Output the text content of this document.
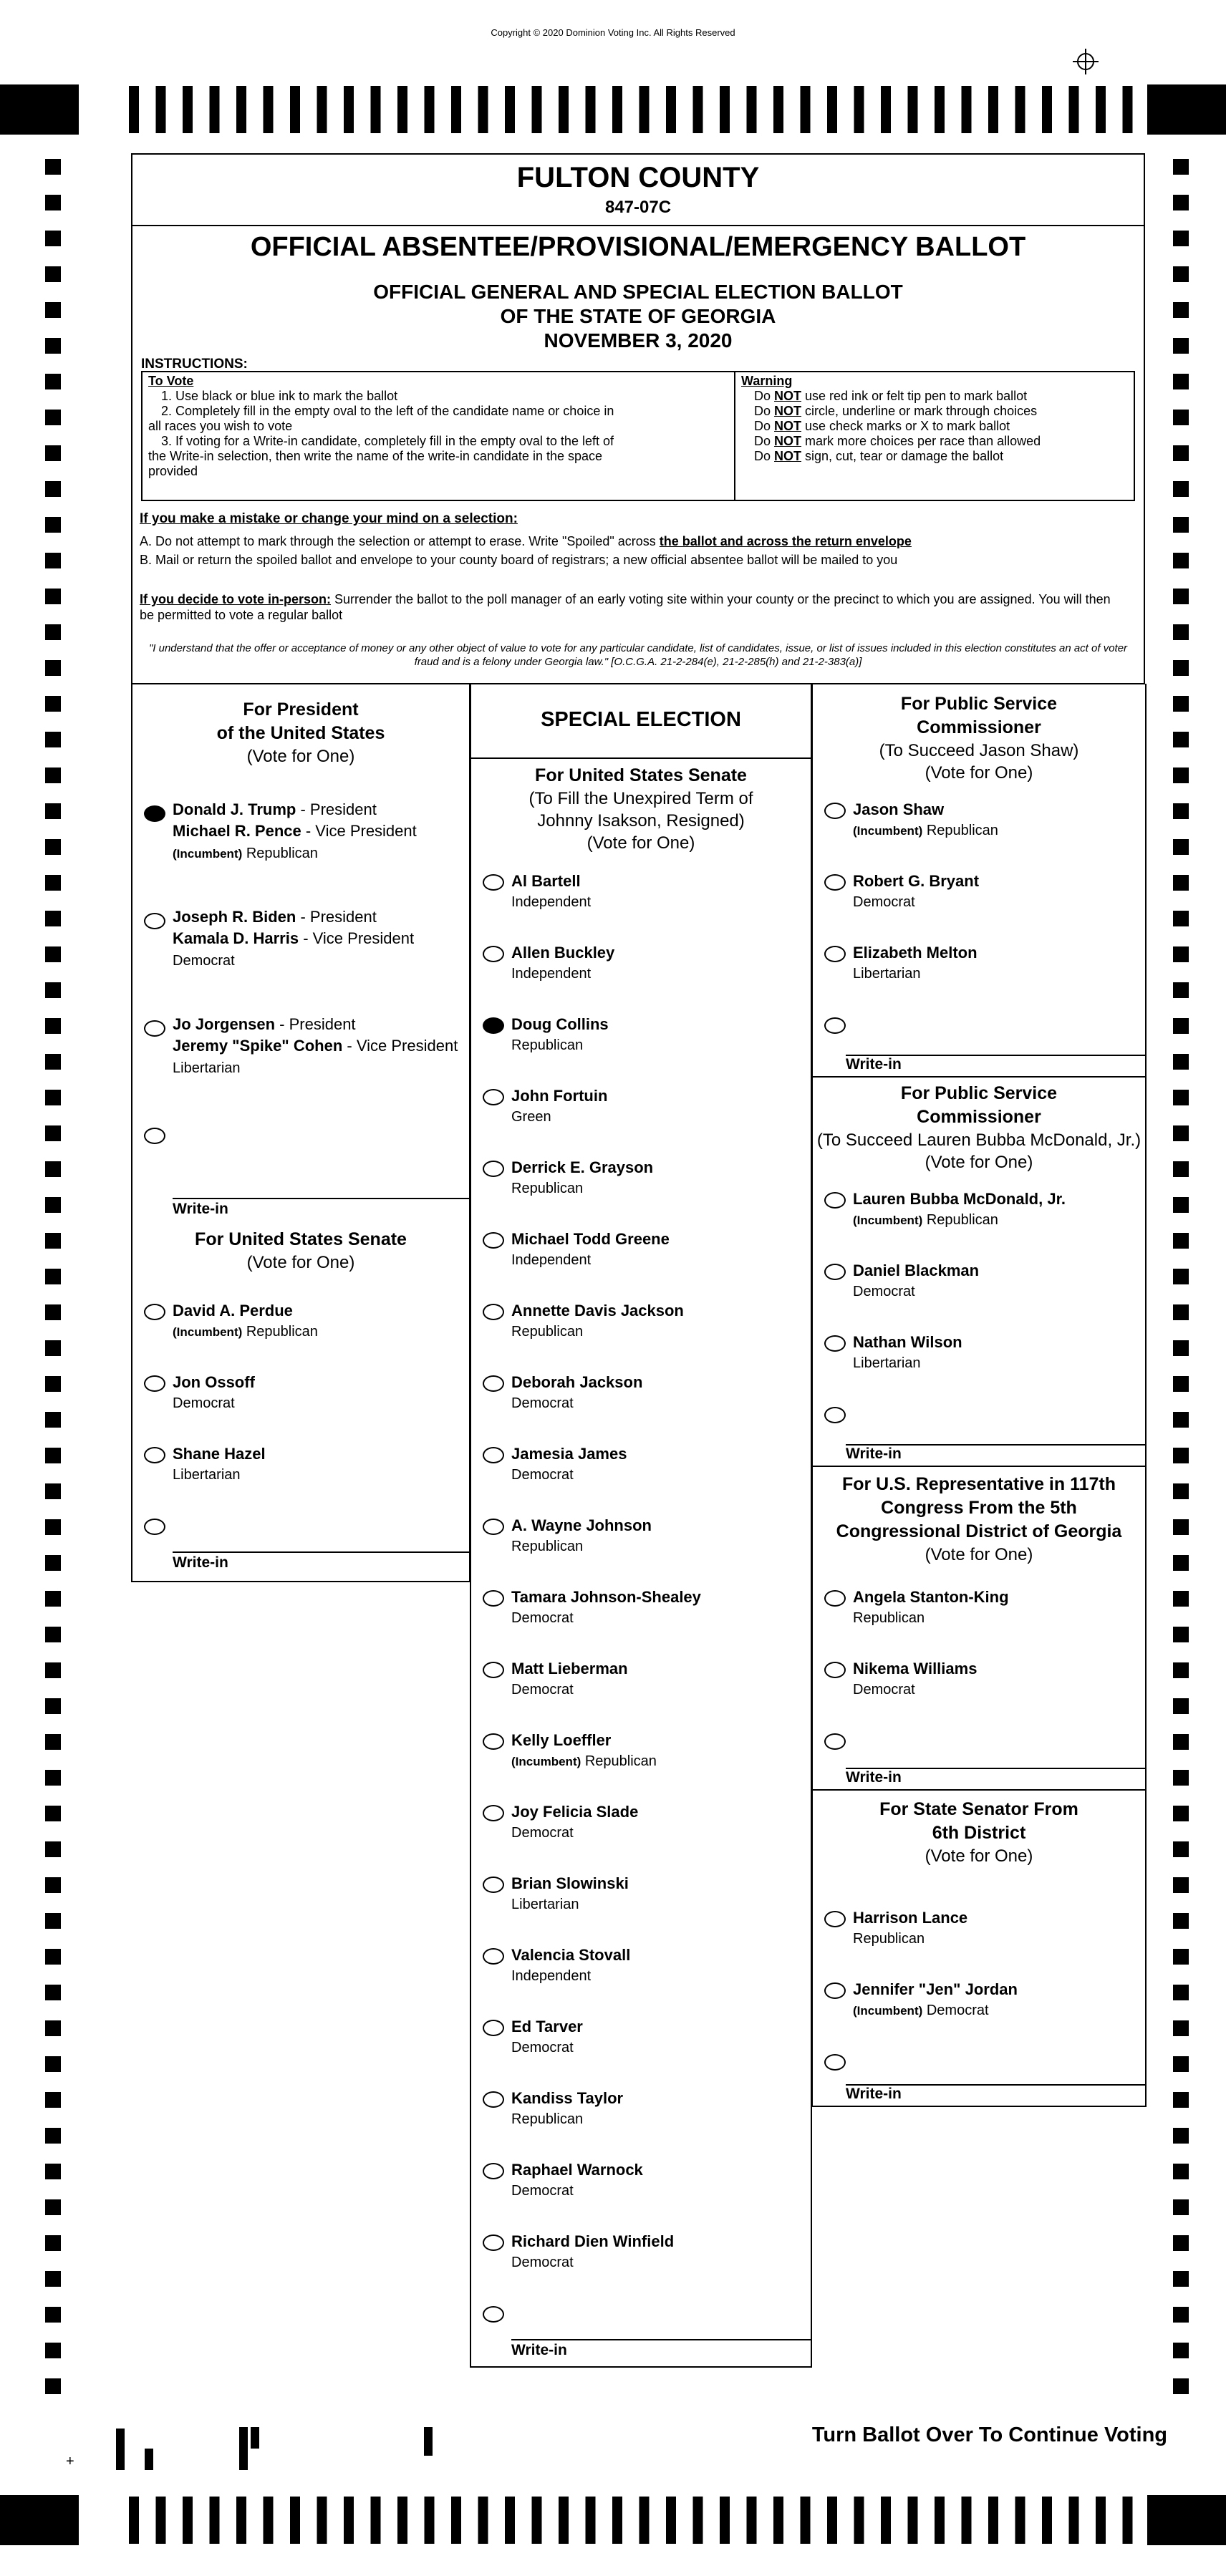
Copyright © 2020 Dominion Voting Inc. All Rights Reserved
FULTON COUNTY
847-07C
OFFICIAL ABSENTEE/PROVISIONAL/EMERGENCY BALLOT
OFFICIAL GENERAL AND SPECIAL ELECTION BALLOT
OF THE STATE OF GEORGIA
NOVEMBER 3, 2020
INSTRUCTIONS:
To Vote
1. Use black or blue ink to mark the ballot
2. Completely fill in the empty oval to the left of the candidate name or choice in
all races you wish to vote
3. If voting for a Write-in candidate, completely fill in the empty oval to the left of
the Write-in selection, then write the name of the write-in candidate in the space
provided
Warning
Do NOT use red ink or felt tip pen to mark ballot
Do NOT circle, underline or mark through choices
Do NOT use check marks or X to mark ballot
Do NOT mark more choices per race than allowed
Do NOT sign, cut, tear or damage the ballot
If you make a mistake or change your mind on a selection:
A. Do not attempt to mark through the selection or attempt to erase. Write "Spoiled" across the ballot and across the return envelope
B. Mail or return the spoiled ballot and envelope to your county board of registrars; a new official absentee ballot will be mailed to you
If you decide to vote in-person: Surrender the ballot to the poll manager of an early voting site within your county or the precinct to which you are assigned. You will then be permitted to vote a regular ballot
"I understand that the offer or acceptance of money or any other object of value to vote for any particular candidate, list of candidates, issue, or list of issues included in this election constitutes an act of voter fraud and is a felony under Georgia law." [O.C.G.A. 21-2-284(e), 21-2-285(h) and 21-2-383(a)]
For President
of the United States
(Vote for One)
Donald J. Trump - President
Michael R. Pence - Vice President
(Incumbent) Republican
Joseph R. Biden - President
Kamala D. Harris - Vice President
Democrat
Jo Jorgensen - President
Jeremy "Spike" Cohen - Vice President
Libertarian
Write-in
For United States Senate
(Vote for One)
David A. Perdue
(Incumbent) Republican
Jon Ossoff
Democrat
Shane Hazel
Libertarian
Write-in
SPECIAL ELECTION
For United States Senate
(To Fill the Unexpired Term of
Johnny Isakson, Resigned)
(Vote for One)
Al Bartell
Independent
Allen Buckley
Independent
Doug Collins
Republican
John Fortuin
Green
Derrick E. Grayson
Republican
Michael Todd Greene
Independent
Annette Davis Jackson
Republican
Deborah Jackson
Democrat
Jamesia James
Democrat
A. Wayne Johnson
Republican
Tamara Johnson-Shealey
Democrat
Matt Lieberman
Democrat
Kelly Loeffler
(Incumbent) Republican
Joy Felicia Slade
Democrat
Brian Slowinski
Libertarian
Valencia Stovall
Independent
Ed Tarver
Democrat
Kandiss Taylor
Republican
Raphael Warnock
Democrat
Richard Dien Winfield
Democrat
Write-in
For Public Service
Commissioner
(To Succeed Jason Shaw)
(Vote for One)
Jason Shaw
(Incumbent) Republican
Robert G. Bryant
Democrat
Elizabeth Melton
Libertarian
Write-in
For Public Service
Commissioner
(To Succeed Lauren Bubba McDonald, Jr.)
(Vote for One)
Lauren Bubba McDonald, Jr.
(Incumbent) Republican
Daniel Blackman
Democrat
Nathan Wilson
Libertarian
Write-in
For U.S. Representative in 117th
Congress From the 5th
Congressional District of Georgia
(Vote for One)
Angela Stanton-King
Republican
Nikema Williams
Democrat
Write-in
For State Senator From
6th District
(Vote for One)
Harrison Lance
Republican
Jennifer "Jen" Jordan
(Incumbent) Democrat
Write-in
+
Turn Ballot Over To Continue Voting
